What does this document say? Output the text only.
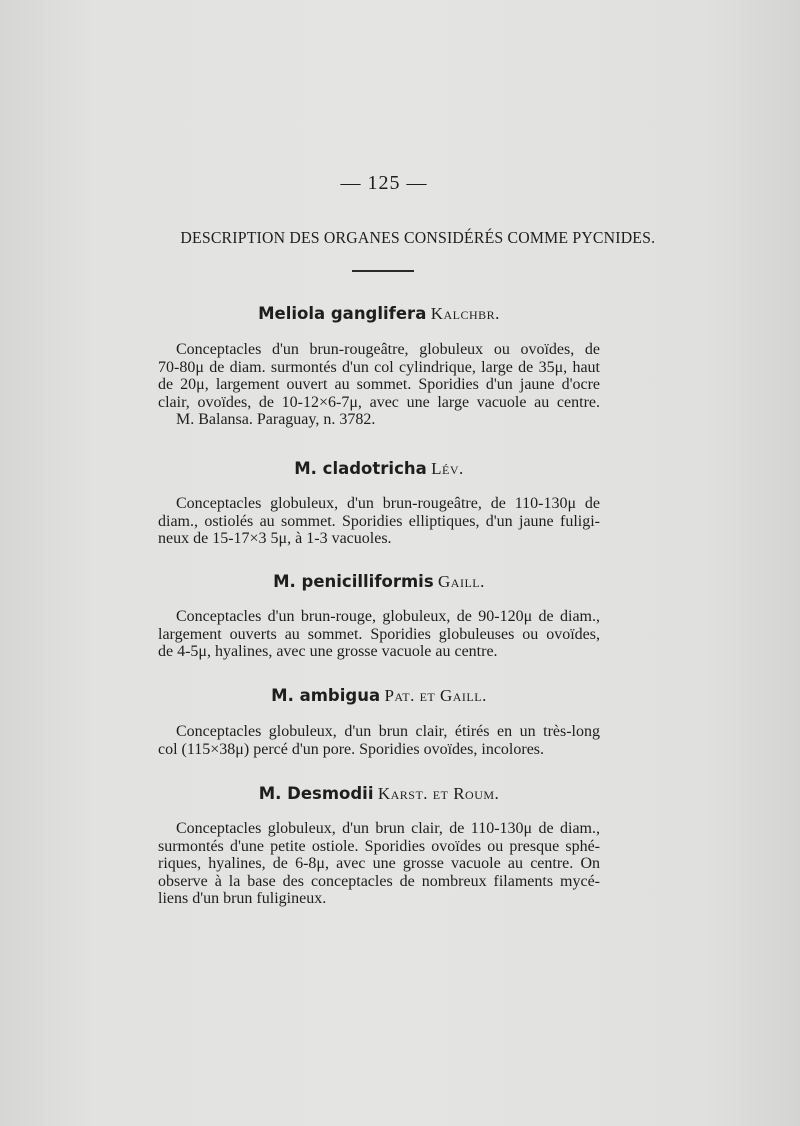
— 125 —
DESCRIPTION DES ORGANES CONSIDÉRÉS COMME PYCNIDES.

Meliola ganglifera Kalchbr.

Conceptacles d'un brun-rougeâtre, globuleux ou ovoïdes, de
70-80μ de diam. surmontés d'un col cylindrique, large de 35μ, haut
de 20μ, largement ouvert au sommet. Sporidies d'un jaune d'ocre
clair, ovoïdes, de 10-12×6-7μ, avec une large vacuole au centre.
M. Balansa. Paraguay, n. 3782.

M. cladotricha Lév.

Conceptacles globuleux, d'un brun-rougeâtre, de 110-130μ de
diam., ostiolés au sommet. Sporidies elliptiques, d'un jaune fuligi-
neux de 15-17×3 5μ, à 1-3 vacuoles.

M. penicilliformis Gaill.

Conceptacles d'un brun-rouge, globuleux, de 90-120μ de diam.,
largement ouverts au sommet. Sporidies globuleuses ou ovoïdes,
de 4-5μ, hyalines, avec une grosse vacuole au centre.

M. ambigua Pat. et Gaill.

Conceptacles globuleux, d'un brun clair, étirés en un très-long
col (115×38μ) percé d'un pore. Sporidies ovoïdes, incolores.

M. Desmodii Karst. et Roum.

Conceptacles globuleux, d'un brun clair, de 110-130μ de diam.,
surmontés d'une petite ostiole. Sporidies ovoïdes ou presque sphé-
riques, hyalines, de 6-8μ, avec une grosse vacuole au centre. On
observe à la base des conceptacles de nombreux filaments mycé-
liens d'un brun fuligineux.
